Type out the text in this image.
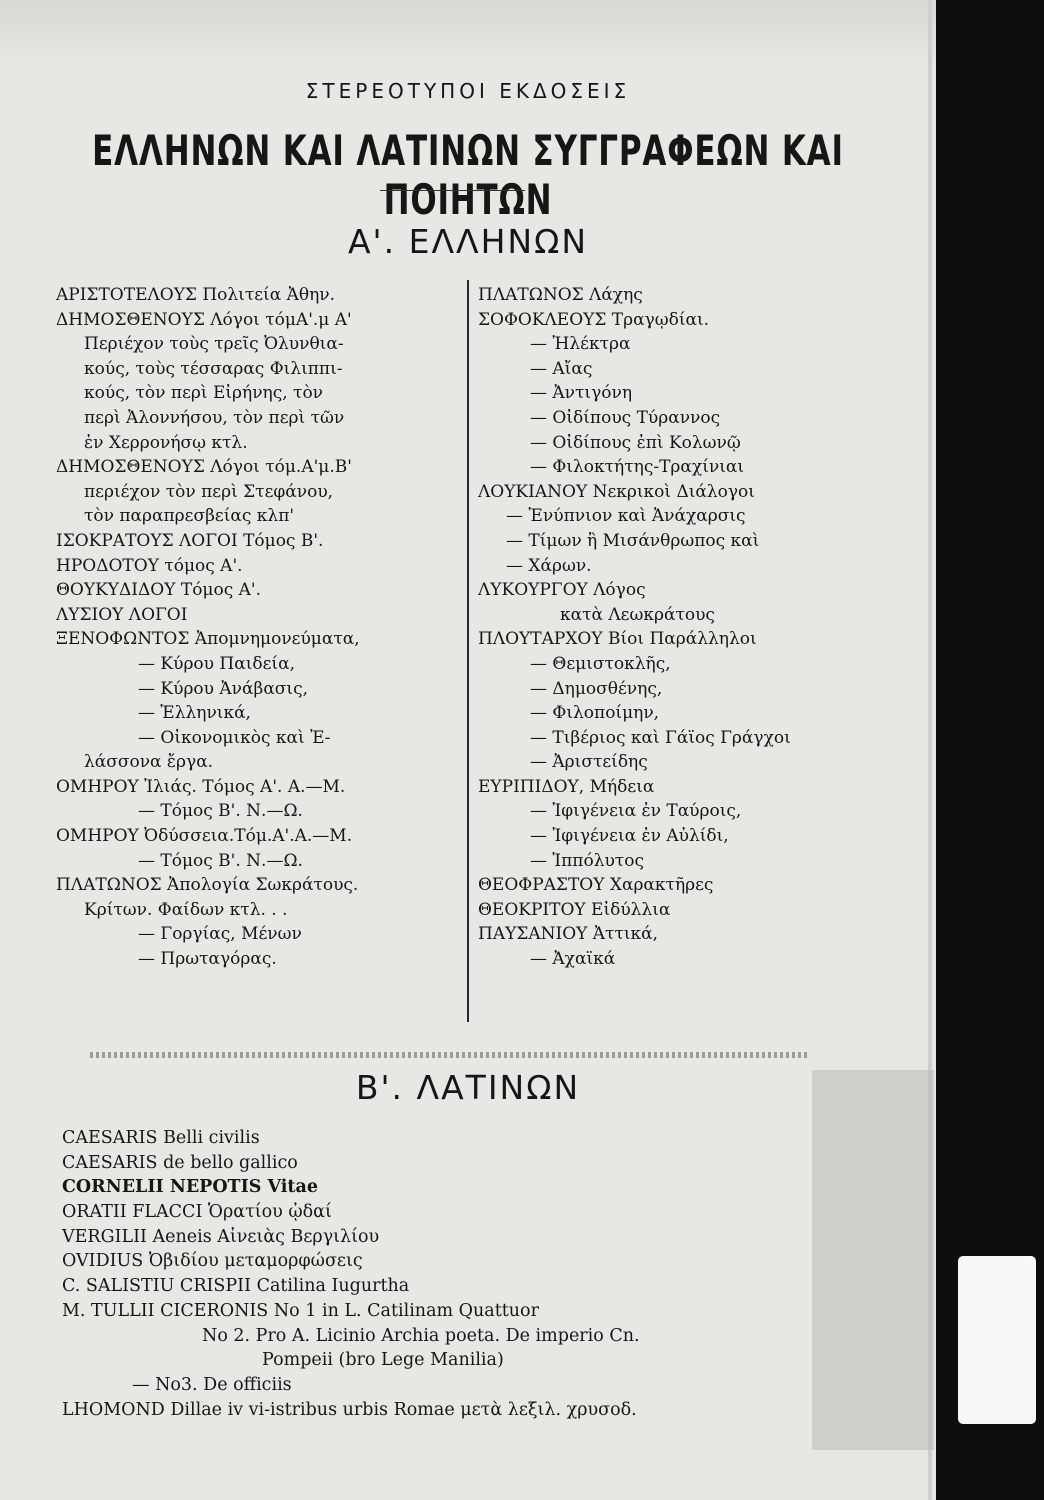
ΣΤΕΡΕΟΤΥΠΟΙ ΕΚΔΟΣΕΙΣ
ΕΛΛΗΝΩΝ ΚΑΙ ΛΑΤΙΝΩΝ ΣΥΓΓΡΑΦΕΩΝ ΚΑΙ ΠΟΙΗΤΩΝ
Α'. ΕΛΛΗΝΩΝ
ΑΡΙΣΤΟΤΕΛΟΥΣ Πολιτεία Ἀθην.
ΔΗΜΟΣΘΕΝΟΥΣ Λόγοι τόμΑ'.μ Α'
Περιέχον τοὺς τρεῖς Ὀλυνθια-
κούς, τοὺς τέσσαρας Φιλιππι-
κούς, τὸν περὶ Εἰρήνης, τὸν
περὶ Ἀλοννήσου, τὸν περὶ τῶν
ἐν Χερρονήσῳ κτλ.
ΔΗΜΟΣΘΕΝΟΥΣ Λόγοι τόμ.Α'μ.Β'
περιέχον τὸν περὶ Στεφάνου,
τὸν παραπρεσβείας κλπ'
ΙΣΟΚΡΑΤΟΥΣ ΛΟΓΟΙ Τόμος Β'.
ΗΡΟΔΟΤΟΥ τόμος Α'.
ΘΟΥΚΥΔΙΔΟΥ Τόμος Α'.
ΛΥΣΙΟΥ ΛΟΓΟΙ
ΞΕΝΟΦΩΝΤΟΣ Ἀπομνημονεύματα,
— Κύρου Παιδεία,
— Κύρου Ἀνάβασις,
— Ἑλληνικά,
— Οἰκονομικὸς καὶ Ἐ-
λάσσονα ἔργα.
ΟΜΗΡΟΥ Ἰλιάς. Τόμος Α'. Α.—Μ.
— Τόμος Β'. Ν.—Ω.
ΟΜΗΡΟΥ Ὀδύσσεια.Τόμ.Α'.Α.—Μ.
— Τόμος Β'. Ν.—Ω.
ΠΛΑΤΩΝΟΣ Ἀπολογία Σωκράτους.
Κρίτων. Φαίδων κτλ. . .
— Γοργίας, Μένων
— Πρωταγόρας.
ΠΛΑΤΩΝΟΣ Λάχης
ΣΟΦΟΚΛΕΟΥΣ Τραγῳδίαι.
— Ἠλέκτρα
— Αἴας
— Ἀντιγόνη
— Οἰδίπους Τύραννος
— Οἰδίπους ἐπὶ Κολωνῷ
— Φιλοκτήτης-Τραχίνιαι
ΛΟΥΚΙΑΝΟΥ Νεκρικοὶ Διάλογοι
— Ἐνύπνιον καὶ Ἀνάχαρσις
— Τίμων ἢ Μισάνθρωπος καὶ
— Χάρων.
ΛΥΚΟΥΡΓΟΥ Λόγος
κατὰ Λεωκράτους
ΠΛΟΥΤΑΡΧΟΥ Βίοι Παράλληλοι
— Θεμιστοκλῆς,
— Δημοσθένης,
— Φιλοποίμην,
— Τιβέριος καὶ Γάϊος Γράγχοι
— Ἀριστείδης
ΕΥΡΙΠΙΔΟΥ, Μήδεια
— Ἰφιγένεια ἐν Ταύροις,
— Ἰφιγένεια ἐν Αὐλίδι,
— Ἱππόλυτος
ΘΕΟΦΡΑΣΤΟΥ Χαρακτῆρες
ΘΕΟΚΡΙΤΟΥ Εἰδύλλια
ΠΑΥΣΑΝΙΟΥ Ἀττικά,
— Ἀχαϊκά
Β'. ΛΑΤΙΝΩΝ
CAESARIS Belli civilis
CAESARIS de bello gallico
CORNELII NEPOTIS Vitae
ORATII FLACCI Ὁρατίου ᾠδαί
VERGILII Aeneis Αἰνειὰς Βεργιλίου
OVIDIUS Ὀβιδίου μεταμορφώσεις
C. SALISTIU CRISPII Catilina Iugurtha
M. TULLII CICERONIS No 1 in L. Catilinam Quattuor
No 2. Pro A. Licinio Archia poeta. De imperio Cn.
Pompeii (bro Lege Manilia)
— No3. De officiis
LHOMOND Dillae iv vi-istribus urbis Romae μετὰ λεξιλ. χρυσοδ.
